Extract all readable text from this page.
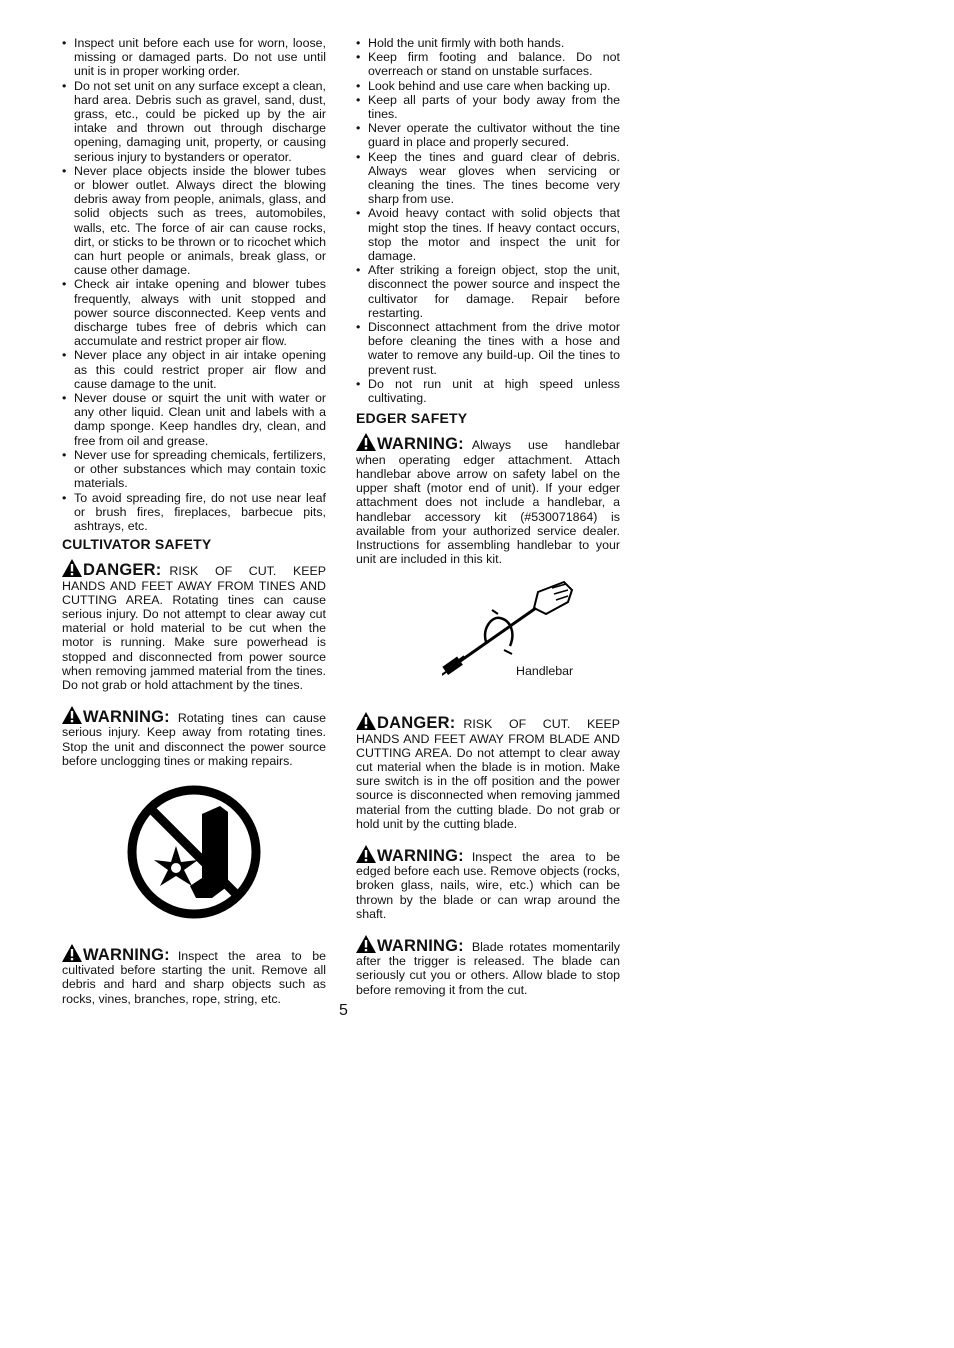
• Inspect unit before each use for worn, loose, missing or damaged parts. Do not use until unit is in proper working order.
• Do not set unit on any surface except a clean, hard area. Debris such as gravel, sand, dust, grass, etc., could be picked up by the air intake and thrown out through discharge opening, damaging unit, property, or causing serious injury to bystanders or operator.
• Never place objects inside the blower tubes or blower outlet. Always direct the blowing debris away from people, animals, glass, and solid objects such as trees, automobiles, walls, etc. The force of air can cause rocks, dirt, or sticks to be thrown or to ricochet which can hurt people or animals, break glass, or cause other damage.
• Check air intake opening and blower tubes frequently, always with unit stopped and power source disconnected. Keep vents and discharge tubes free of debris which can accumulate and restrict proper air flow.
• Never place any object in air intake opening as this could restrict proper air flow and cause damage to the unit.
• Never douse or squirt the unit with water or any other liquid. Clean unit and labels with a damp sponge. Keep handles dry, clean, and free from oil and grease.
• Never use for spreading chemicals, fertilizers, or other substances which may contain toxic materials.
• To avoid spreading fire, do not use near leaf or brush fires, fireplaces, barbecue pits, ashtrays, etc.
CULTIVATOR SAFETY

DANGER: RISK OF CUT. KEEP HANDS AND FEET AWAY FROM TINES AND CUTTING AREA. Rotating tines can cause serious injury. Do not attempt to clear away cut material or hold material to be cut when the motor is running. Make sure powerhead is stopped and disconnected from power source when removing jammed material from the tines. Do not grab or hold attachment by the tines.

WARNING: Rotating tines can cause serious injury. Keep away from rotating tines. Stop the unit and disconnect the power source before unclogging tines or making repairs.

WARNING: Inspect the area to be cultivated before starting the unit. Remove all debris and hard and sharp objects such as rocks, vines, branches, rope, string, etc.

• Hold the unit firmly with both hands.
• Keep firm footing and balance. Do not overreach or stand on unstable surfaces.
• Look behind and use care when backing up.
• Keep all parts of your body away from the tines.
• Never operate the cultivator without the tine guard in place and properly secured.
• Keep the tines and guard clear of debris. Always wear gloves when servicing or cleaning the tines. The tines become very sharp from use.
• Avoid heavy contact with solid objects that might stop the tines. If heavy contact occurs, stop the motor and inspect the unit for damage.
• After striking a foreign object, stop the unit, disconnect the power source and inspect the cultivator for damage. Repair before restarting.
• Disconnect attachment from the drive motor before cleaning the tines with a hose and water to remove any build-up. Oil the tines to prevent rust.
• Do not run unit at high speed unless cultivating.
EDGER SAFETY

WARNING: Always use handlebar when operating edger attachment. Attach handlebar above arrow on safety label on the upper shaft (motor end of unit). If your edger attachment does not include a handlebar, a handlebar accessory kit (#530071864) is available from your authorized service dealer. Instructions for assembling handlebar to your unit are included in this kit.

Handlebar

DANGER: RISK OF CUT. KEEP HANDS AND FEET AWAY FROM BLADE AND CUTTING AREA. Do not attempt to clear away cut material when the blade is in motion. Make sure switch is in the off position and the power source is disconnected when removing jammed material from the cutting blade. Do not grab or hold unit by the cutting blade.

WARNING: Inspect the area to be edged before each use. Remove objects (rocks, broken glass, nails, wire, etc.) which can be thrown by the blade or can wrap around the shaft.

WARNING: Blade rotates momentarily after the trigger is released. The blade can seriously cut you or others. Allow blade to stop before removing it from the cut.

5
